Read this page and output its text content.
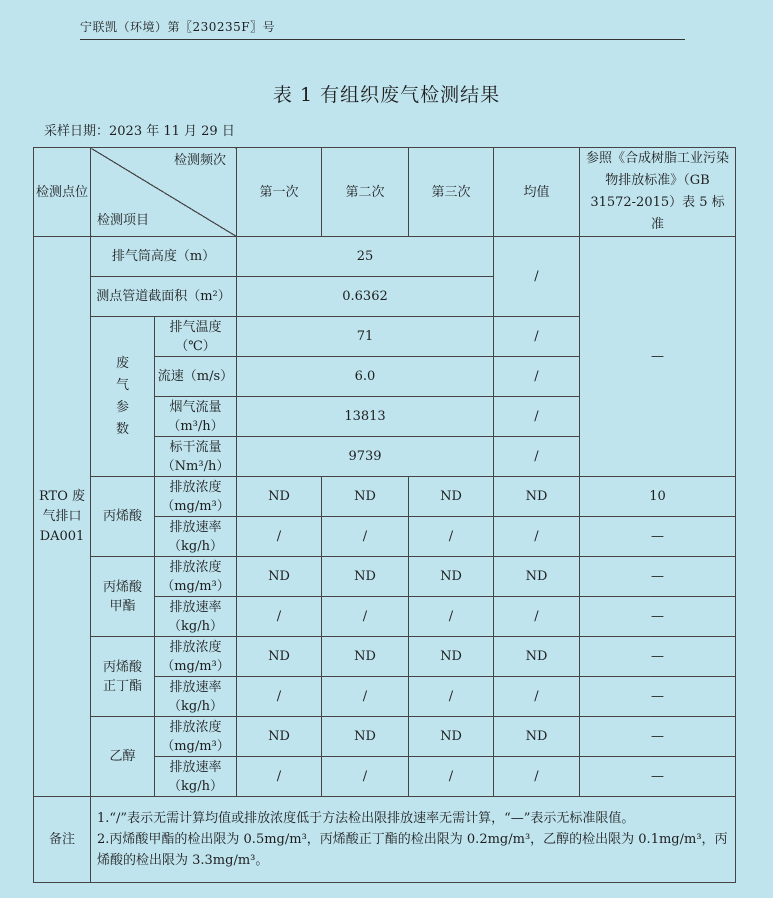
宁联凯（环境）第〖230235F〗号
表 1 有组织废气检测结果
采样日期：2023 年 11 月 29 日
检测点位	检测频次
检测项目		第一次	第二次	第三次	均值	参照《合成树脂工业污染物排放标准》（GB 31572-2015）表 5 标准
RTO 废气排口 DA001	排气筒高度（m）		25			/	—
	测点管道截面积（m²）		0.6362				
	废气参数	排气温度（℃）	71			/	
		流速（m/s）	6.0			/	
		烟气流量（m³/h）	13813			/	
		标干流量（Nm³/h）	9739			/	
	丙烯酸	排放浓度（mg/m³）	ND	ND	ND	ND	10
		排放速率（kg/h）	/	/	/	/	—
	丙烯酸甲酯	排放浓度（mg/m³）	ND	ND	ND	ND	—
		排放速率（kg/h）	/	/	/	/	—
	丙烯酸正丁酯	排放浓度（mg/m³）	ND	ND	ND	ND	—
		排放速率（kg/h）	/	/	/	/	—
	乙醇	排放浓度（mg/m³）	ND	ND	ND	ND	—
		排放速率（kg/h）	/	/	/	/	—
备注	1.“/”表示无需计算均值或排放浓度低于方法检出限排放速率无需计算，“—”表示无标准限值。
2.丙烯酸甲酯的检出限为 0.5mg/m³，丙烯酸正丁酯的检出限为 0.2mg/m³，乙醇的检出限为 0.1mg/m³，丙烯酸的检出限为 3.3mg/m³。						
